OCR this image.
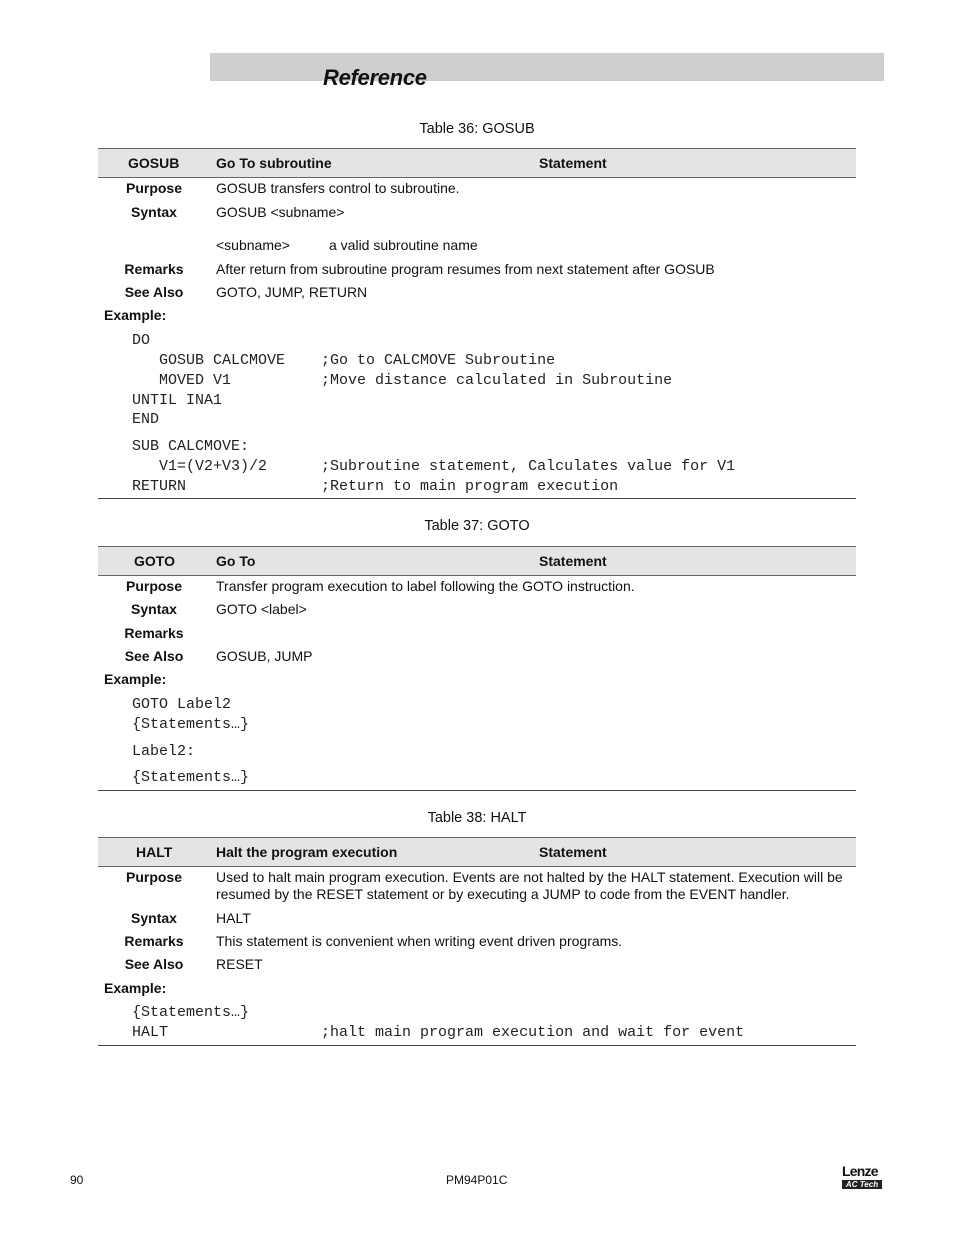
Reference
Table 36: GOSUB
GOSUB	Go To subroutine	Statement
Purpose	GOSUB transfers control to subroutine.
Syntax	GOSUB <subname>
<subname>	a valid subroutine name
Remarks	After return from subroutine program resumes from next statement after GOSUB
See Also	GOTO, JUMP, RETURN
Example:
DO
GOSUB CALCMOVE    ;Go to CALCMOVE Subroutine
MOVED V1          ;Move distance calculated in Subroutine
UNTIL INA1
END
SUB CALCMOVE:
V1=(V2+V3)/2      ;Subroutine statement, Calculates value for V1
RETURN               ;Return to main program execution
Table 37: GOTO
GOTO	Go To	Statement
Purpose	Transfer program execution to label following the GOTO instruction.
Syntax	GOTO <label>
Remarks
See Also	GOSUB, JUMP
Example:
GOTO Label2
{Statements…}
Label2:
{Statements…}
Table 38: HALT
HALT	Halt the program execution	Statement
Purpose	Used to halt main program execution. Events are not halted by the HALT statement. Execution will be
resumed by the RESET statement or by executing a JUMP to code from the EVENT handler.
Syntax	HALT
Remarks	This statement is convenient when writing event driven programs.
See Also	RESET
Example:
{Statements…}
HALT                 ;halt main program execution and wait for event
90	PM94P01C
Lenze
AC Tech
